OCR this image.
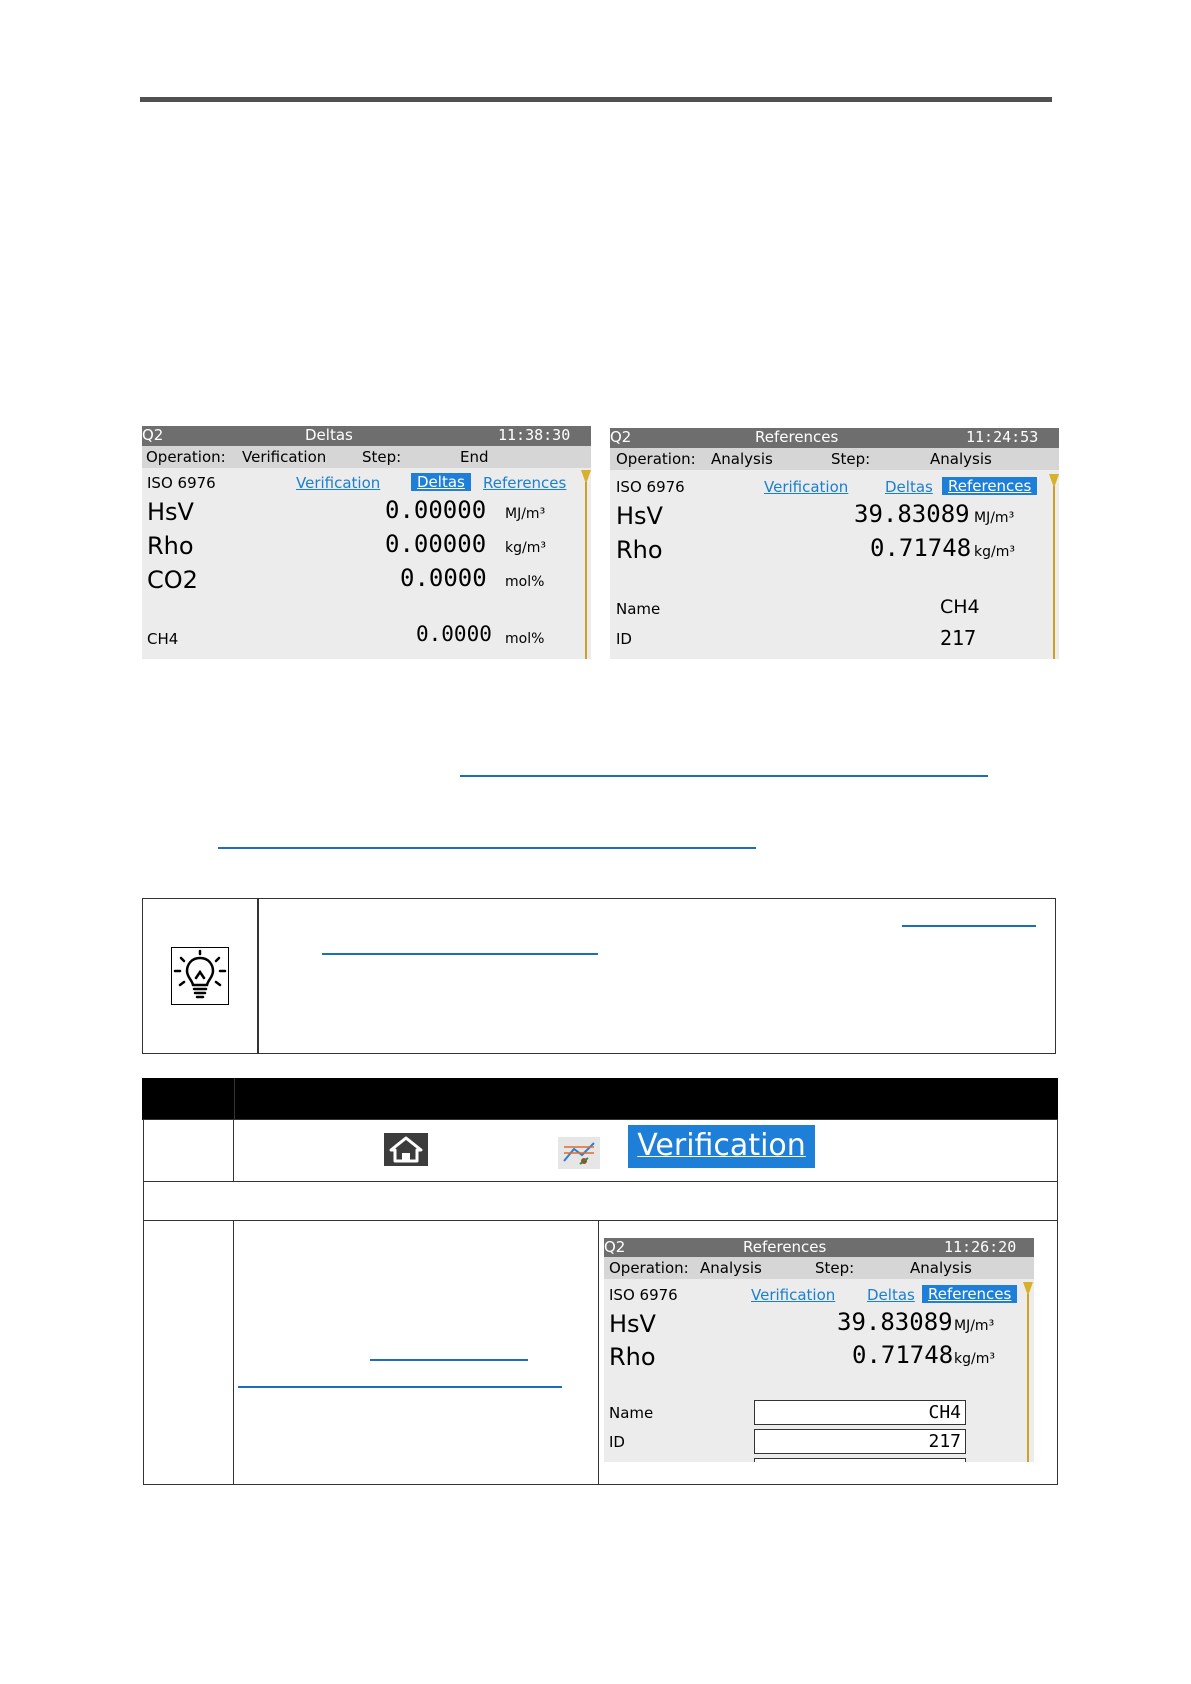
Q2	Deltas	11:38:30
Operation: Verification Step:	End
ISO 6976	Verification	Deltas	References
HsV	0.00000 MJ/m³
Rho	0.00000 kg/m³
CO2	0.0000 mol%
CH4	0.0000 mol%
Q2	References	11:24:53
Operation: Analysis	Step:	Analysis
ISO 6976	Verification Deltas	References
HsV	39.83089 MJ/m³
Rho	0.71748 kg/m³
Name	CH4
ID	217
Verification
Q2	References	11:26:20
Operation: Analysis	Step:	Analysis
ISO 6976	Verification Deltas References
HsV	39.83089 MJ/m³
Rho	0.71748 kg/m³
Name	CH4
ID	217
